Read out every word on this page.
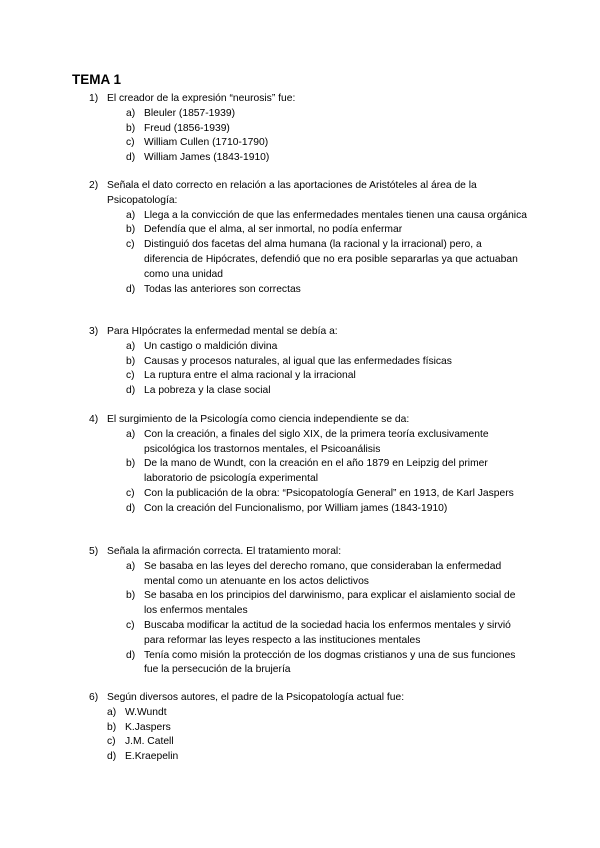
TEMA 1
1) El creador de la expresión “neurosis” fue:
a) Bleuler (1857-1939)
b) Freud (1856-1939)
c) William Cullen (1710-1790)
d) William James (1843-1910)
2) Señala el dato correcto en relación a las aportaciones de Aristóteles al área de la Psicopatología:
a) Llega a la convicción de que las enfermedades mentales tienen una causa orgánica
b) Defendía que el alma, al ser inmortal, no podía enfermar
c) Distinguió dos facetas del alma humana (la racional y la irracional) pero, a diferencia de Hipócrates, defendió que no era posible separarlas ya que actuaban como una unidad
d) Todas las anteriores son correctas
3) Para HIpócrates la enfermedad mental se debía a:
a) Un castigo o maldición divina
b) Causas y procesos naturales, al igual que las enfermedades físicas
c) La ruptura entre el alma racional y la irracional
d) La pobreza y la clase social
4) El surgimiento de la Psicología como ciencia independiente se da:
a) Con la creación, a finales del siglo XIX, de la primera teoría exclusivamente psicológica los trastornos mentales, el Psicoanálisis
b) De la mano de Wundt, con la creación en el año 1879 en Leipzig del primer laboratorio de psicología experimental
c) Con la publicación de la obra: “Psicopatología General” en 1913, de Karl Jaspers
d) Con la creación del Funcionalismo, por William james (1843-1910)
5) Señala la afirmación correcta. El tratamiento moral:
a) Se basaba en las leyes del derecho romano, que consideraban la enfermedad mental como un atenuante en los actos delictivos
b) Se basaba en los principios del darwinismo, para explicar el aislamiento social de los enfermos mentales
c) Buscaba modificar la actitud de la sociedad hacia los enfermos mentales y sirvió para reformar las leyes respecto a las instituciones mentales
d) Tenía como misión la protección de los dogmas cristianos y una de sus funciones fue la persecución de la brujería
6) Según diversos autores, el padre de la Psicopatología actual fue:
a) W.Wundt
b) K.Jaspers
c) J.M. Catell
d) E.Kraepelin
